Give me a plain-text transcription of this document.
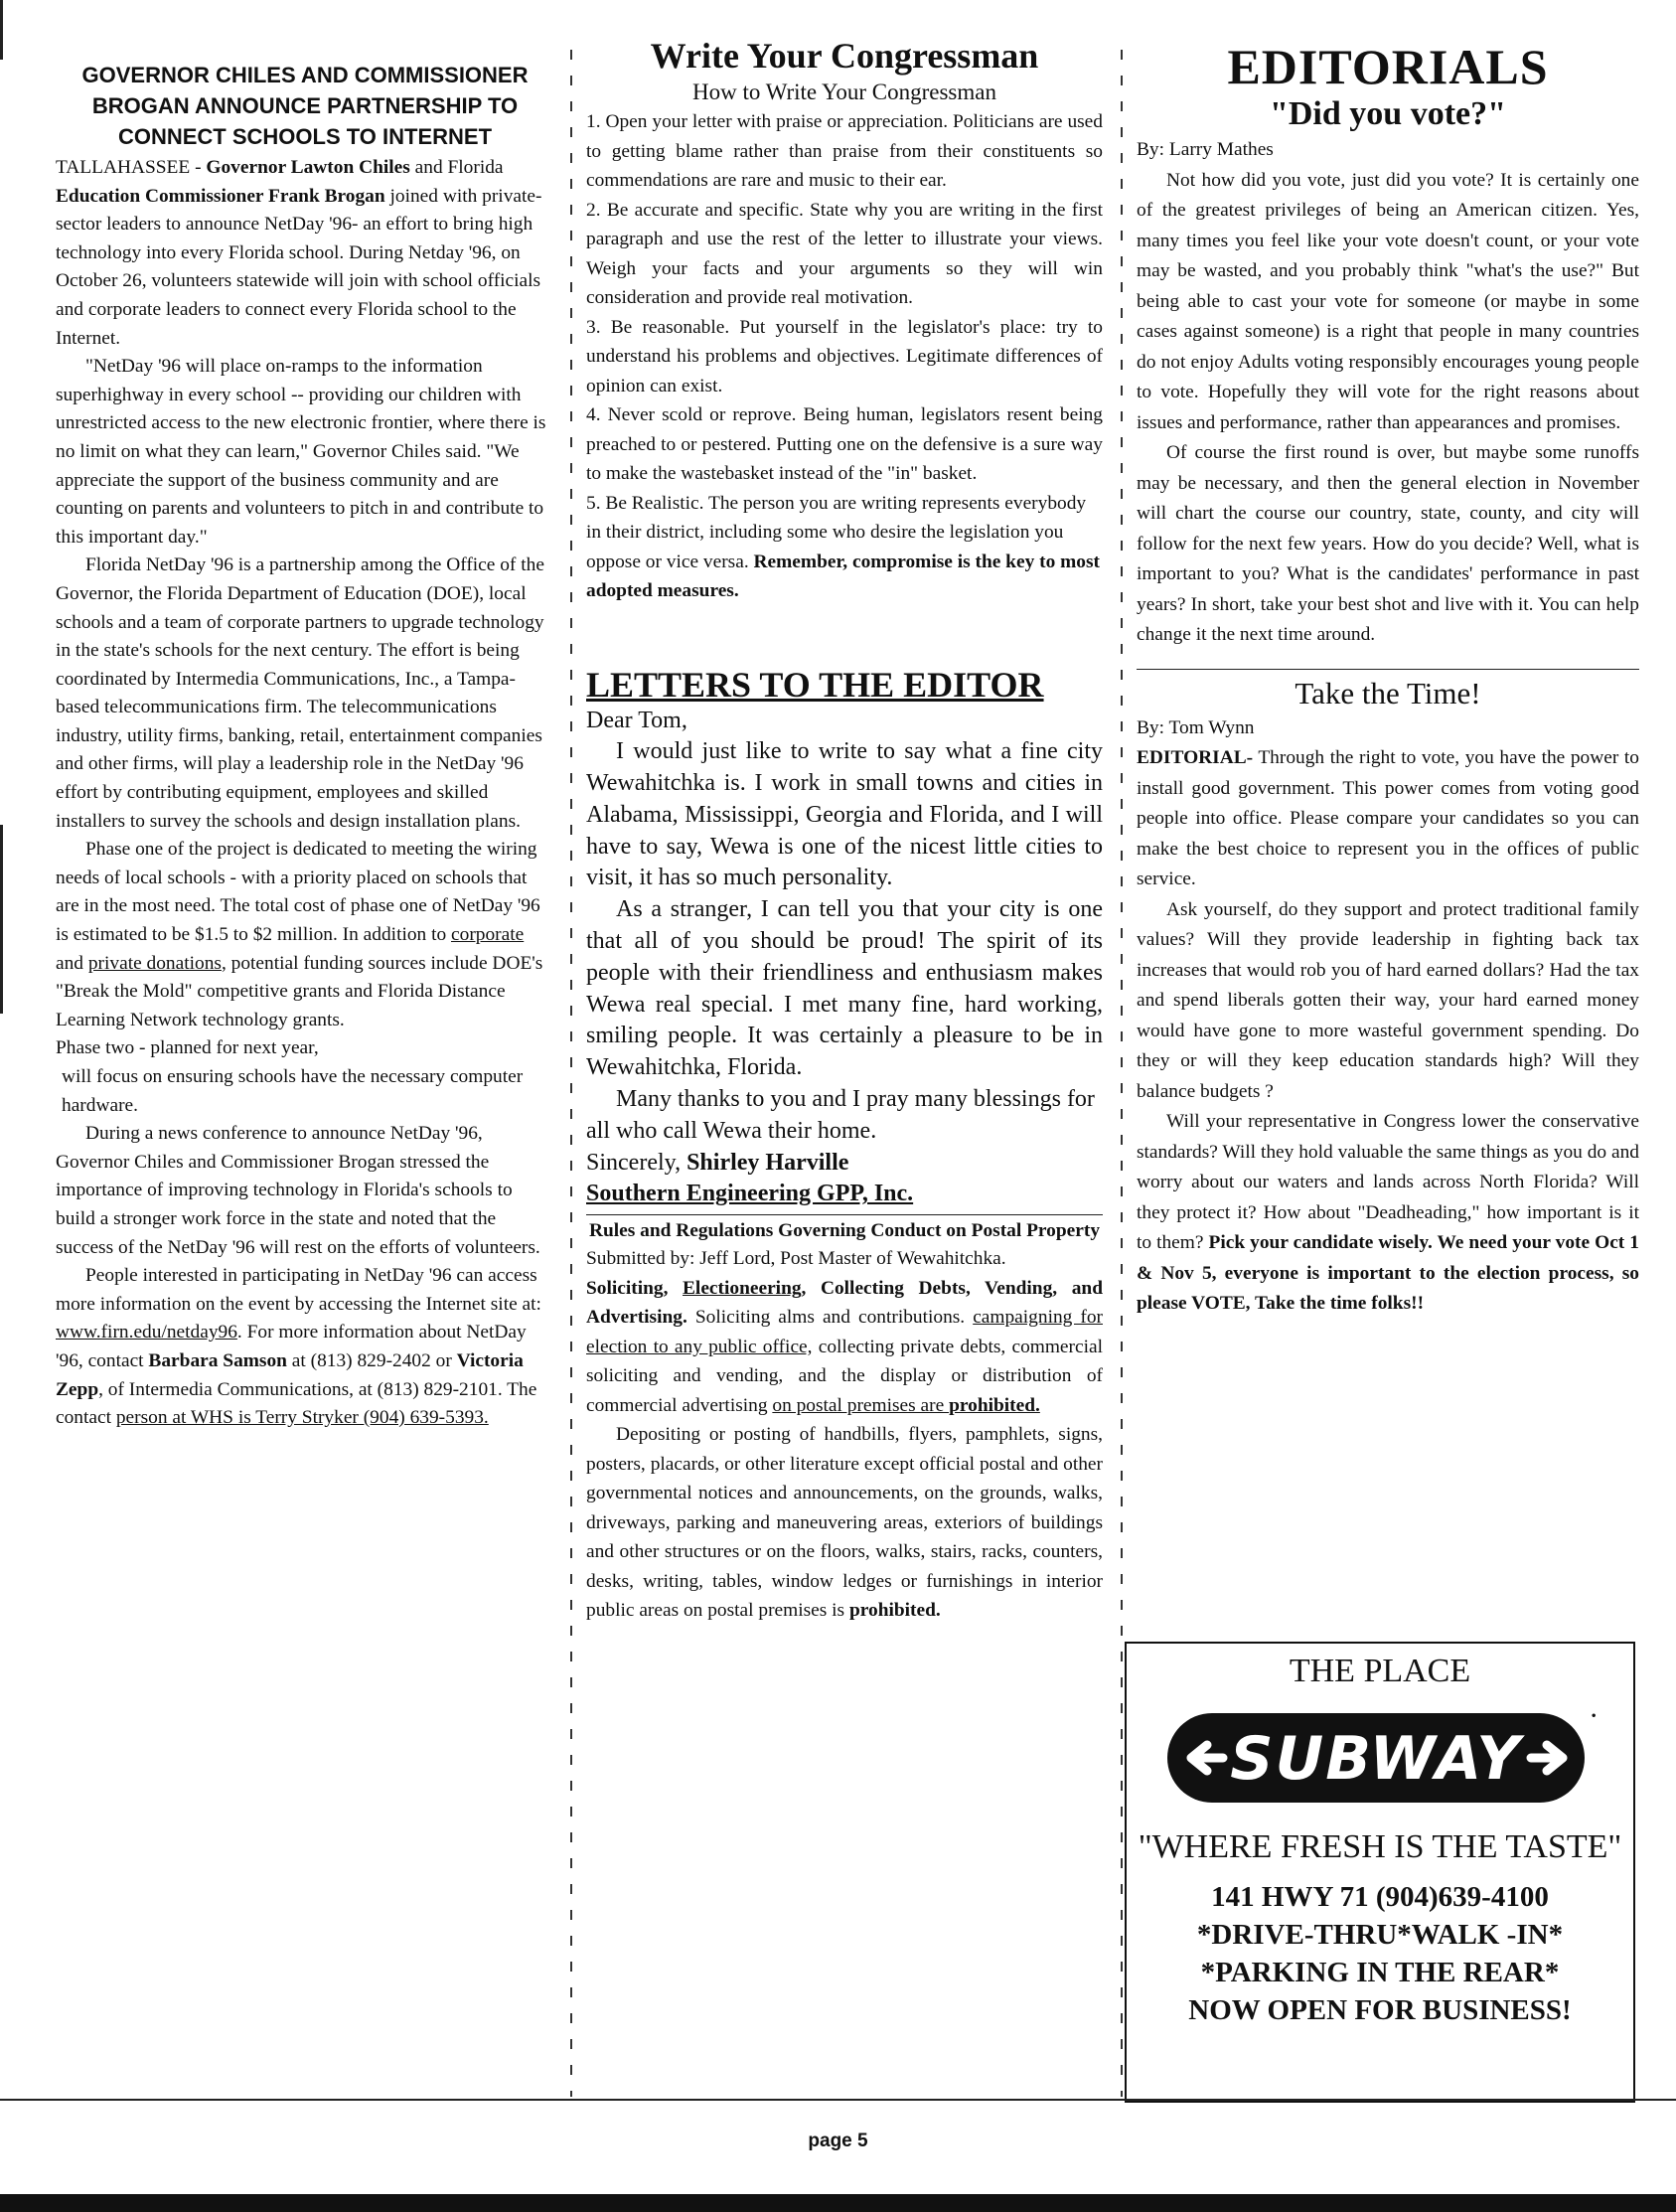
GOVERNOR CHILES AND COMMISSIONER BROGAN ANNOUNCE PARTNERSHIP TO CONNECT SCHOOLS TO INTERNET

TALLAHASSEE - Governor Lawton Chiles and Florida Education Commissioner Frank Brogan joined with private-sector leaders to announce NetDay '96- an effort to bring high technology into every Florida school. During Netday '96, on October 26, volunteers statewide will join with school officials and corporate leaders to connect every Florida school to the Internet.

"NetDay '96 will place on-ramps to the information superhighway in every school -- providing our children with unrestricted access to the new electronic frontier, where there is no limit on what they can learn," Governor Chiles said. "We appreciate the support of the business community and are counting on parents and volunteers to pitch in and contribute to this important day."

Florida NetDay '96 is a partnership among the Office of the Governor, the Florida Department of Education (DOE), local schools and a team of corporate partners to upgrade technology in the state's schools for the next century. The effort is being coordinated by Intermedia Communications, Inc., a Tampa-based telecommunications firm. The telecommunications industry, utility firms, banking, retail, entertainment companies and other firms, will play a leadership role in the NetDay '96 effort by contributing equipment, employees and skilled installers to survey the schools and design installation plans.

Phase one of the project is dedicated to meeting the wiring needs of local schools - with a priority placed on schools that are in the most need. The total cost of phase one of NetDay '96 is estimated to be $1.5 to $2 million. In addition to corporate and private donations, potential funding sources include DOE's "Break the Mold" competitive grants and Florida Distance Learning Network technology grants.

Phase two - planned for next year,

will focus on ensuring schools have the necessary computer hardware.

During a news conference to announce NetDay '96, Governor Chiles and Commissioner Brogan stressed the importance of improving technology in Florida's schools to build a stronger work force in the state and noted that the success of the NetDay '96 will rest on the efforts of volunteers.

People interested in participating in NetDay '96 can access more information on the event by accessing the Internet site at: www.firn.edu/netday96. For more information about NetDay '96, contact Barbara Samson at (813) 829-2402 or Victoria Zepp, of Intermedia Communications, at (813) 829-2101. The contact person at WHS is Terry Stryker (904) 639-5393.

Write Your Congressman
How to Write Your Congressman

1. Open your letter with praise or appreciation. Politicians are used to getting blame rather than praise from their constituents so commendations are rare and music to their ear.

2. Be accurate and specific. State why you are writing in the first paragraph and use the rest of the letter to illustrate your views. Weigh your facts and your arguments so they will win consideration and provide real motivation.

3. Be reasonable. Put yourself in the legislator's place: try to understand his problems and objectives. Legitimate differences of opinion can exist.

4. Never scold or reprove. Being human, legislators resent being preached to or pestered. Putting one on the defensive is a sure way to make the wastebasket instead of the "in" basket.

5. Be Realistic. The person you are writing represents everybody in their district, including some who desire the legislation you oppose or vice versa. Remember, compromise is the key to most adopted measures.

LETTERS TO THE EDITOR

Dear Tom,

I would just like to write to say what a fine city Wewahitchka is. I work in small towns and cities in Alabama, Mississippi, Georgia and Florida, and I will have to say, Wewa is one of the nicest little cities to visit, it has so much personality.

As a stranger, I can tell you that your city is one that all of you should be proud! The spirit of its people with their friendliness and enthusiasm makes Wewa real special. I met many fine, hard working, smiling people. It was certainly a pleasure to be in Wewahitchka, Florida.

Many thanks to you and I pray many blessings for all who call Wewa their home.

Sincerely, Shirley Harville

Southern Engineering GPP, Inc.

Rules and Regulations Governing Conduct on Postal Property

Submitted by: Jeff Lord, Post Master of Wewahitchka.

Soliciting, Electioneering, Collecting Debts, Vending, and Advertising. Soliciting alms and contributions. campaigning for election to any public office, collecting private debts, commercial soliciting and vending, and the display or distribution of commercial advertising on postal premises are prohibited.

Depositing or posting of handbills, flyers, pamphlets, signs, posters, placards, or other literature except official postal and other governmental notices and announcements, on the grounds, walks, driveways, parking and maneuvering areas, exteriors of buildings and other structures or on the floors, walks, stairs, racks, counters, desks, writing, tables, window ledges or furnishings in interior public areas on postal premises is prohibited.

EDITORIALS
"Did you vote?"

By: Larry Mathes

Not how did you vote, just did you vote? It is certainly one of the greatest privileges of being an American citizen. Yes, many times you feel like your vote doesn't count, or your vote may be wasted, and you probably think "what's the use?" But being able to cast your vote for someone (or maybe in some cases against someone) is a right that people in many countries do not enjoy Adults voting responsibly encourages young people to vote. Hopefully they will vote for the right reasons about issues and performance, rather than appearances and promises.

Of course the first round is over, but maybe some runoffs may be necessary, and then the general election in November will chart the course our country, state, county, and city will follow for the next few years. How do you decide? Well, what is important to you? What is the candidates' performance in past years? In short, take your best shot and live with it. You can help change it the next time around.

Take the Time!

By: Tom Wynn

EDITORIAL- Through the right to vote, you have the power to install good government. This power comes from voting good people into office. Please compare your candidates so you can make the best choice to represent you in the offices of public service.

Ask yourself, do they support and protect traditional family values? Will they provide leadership in fighting back tax increases that would rob you of hard earned dollars? Had the tax and spend liberals gotten their way, your hard earned money would have gone to more wasteful government spending. Do they or will they keep education standards high? Will they balance budgets ?

Will your representative in Congress lower the conservative standards? Will they hold valuable the same things as you do and worry about our waters and lands across North Florida? Will they protect it? How about "Deadheading," how important is it to them? Pick your candidate wisely. We need your vote Oct 1 & Nov 5, everyone is important to the election process, so please VOTE, Take the time folks!!

THE PLACE
SUBWAY
•
"WHERE FRESH IS THE TASTE"
141 HWY 71 (904)639-4100
*DRIVE-THRU*WALK -IN*
*PARKING IN THE REAR*
NOW OPEN FOR BUSINESS!
page 5
